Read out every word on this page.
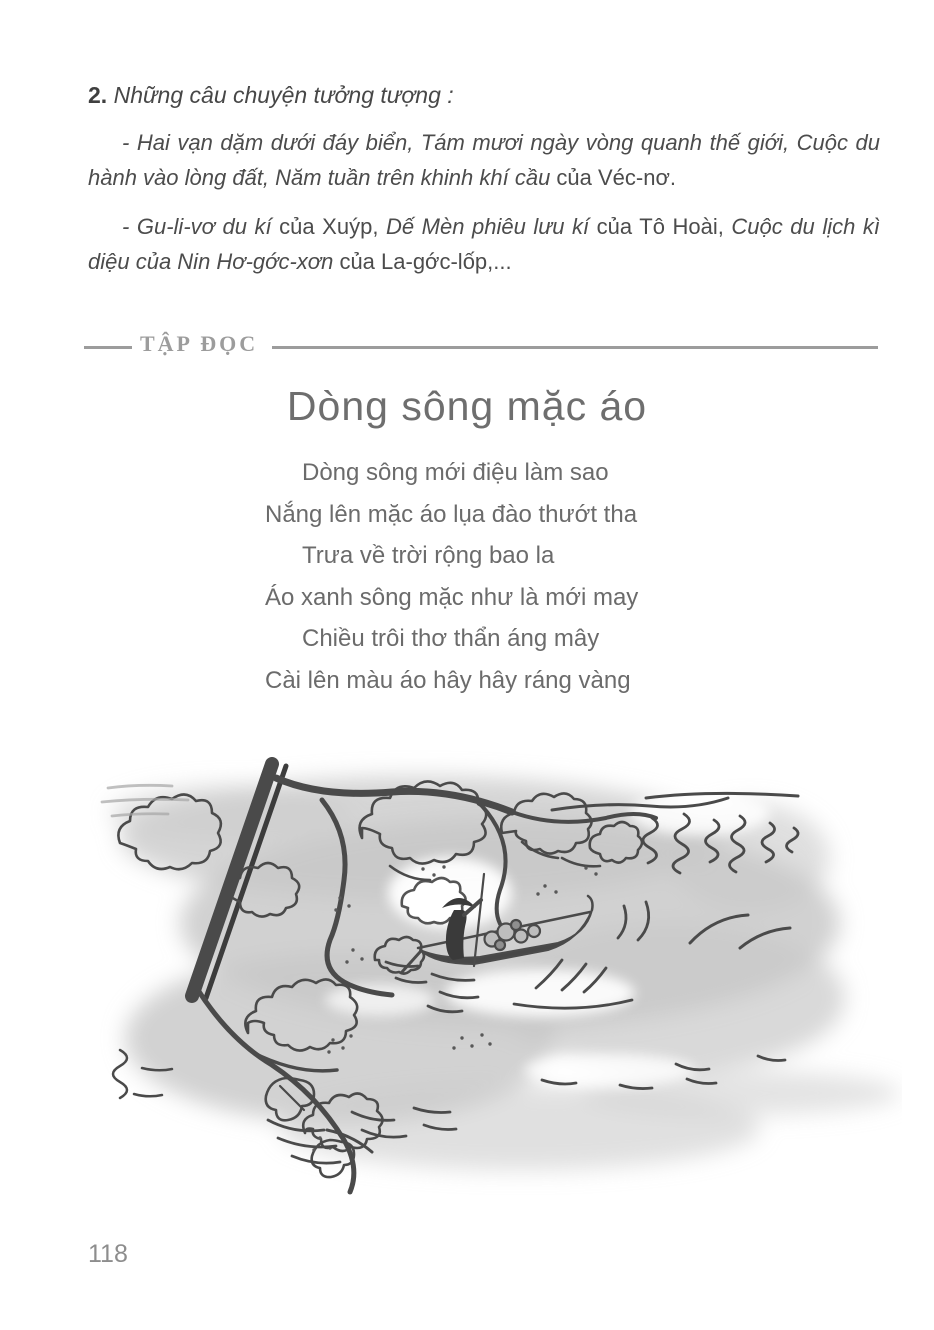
2. Những câu chuyện tưởng tượng :

- Hai vạn dặm dưới đáy biển, Tám mươi ngày vòng quanh thế giới, Cuộc du hành vào lòng đất, Năm tuần trên khinh khí cầu của Véc-nơ.

- Gu-li-vơ du kí của Xuýp, Dế Mèn phiêu lưu kí của Tô Hoài, Cuộc du lịch kì diệu của Nin Hơ-gớc-xơn của La-gớc-lốp,...

TẬP ĐỌC
Dòng sông mặc áo
Dòng sông mới điệu làm sao
Nắng lên mặc áo lụa đào thướt tha
Trưa về trời rộng bao la
Áo xanh sông mặc như là mới may
Chiều trôi thơ thẩn áng mây
Cài lên màu áo hây hây ráng vàng
118
